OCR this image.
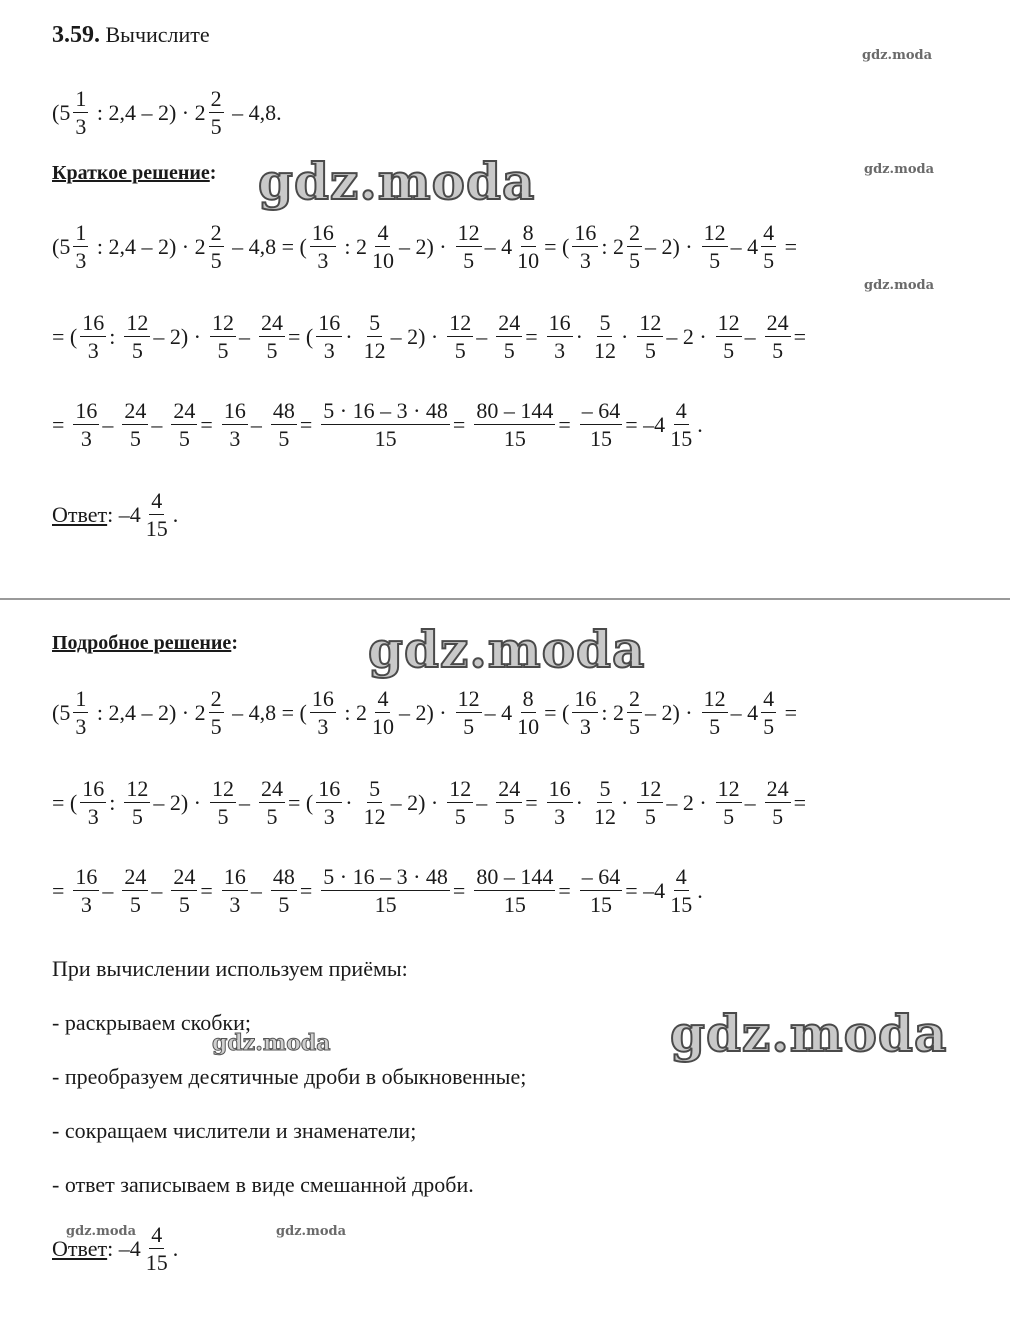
3.59. Вычислите
($5 \frac{1}{3}$ : $2,4 - 2) \cdot 2 \frac{2}{5} - 4,8$.
Краткое решение:
($5 \frac{1}{3}$ : $2,4 - 2) \cdot 2 \frac{2}{5} - 4,8$ = ( $\frac{16}{3}$ : $2 \frac{4}{10} - 2) \cdot \frac{12}{5} - 4 \frac{8}{10}$ = ( $\frac{16}{3}$ : $2 \frac{2}{5} - 2) \cdot \frac{12}{5} - 4 \frac{4}{5}$ =
= ( $\frac{16}{3}$ : $\frac{12}{5} - 2) \cdot \frac{12}{5} - \frac{24}{5}$ = ( $\frac{16}{3} \cdot \frac{5}{12} - 2) \cdot \frac{12}{5} - \frac{24}{5} = \frac{16}{3} \cdot \frac{5}{12} \cdot \frac{12}{5} - 2 \cdot \frac{12}{5} - \frac{24}{5}$ =
= $\frac{16}{3} - \frac{24}{5} - \frac{24}{5} = \frac{16}{3} - \frac{48}{5} = \frac{5 \cdot 16 - 3 \cdot 48}{15} = \frac{80 - 144}{15} = \frac{- 64}{15} = -4 \frac{4}{15}$ .
Ответ :
$-4 \frac{4}{15}$ .
Подробное решение:
($5 \frac{1}{3}$ : $2,4 - 2) \cdot 2 \frac{2}{5} - 4,8$ = ( $\frac{16}{3}$ : $2 \frac{4}{10} - 2) \cdot \frac{12}{5} - 4 \frac{8}{10}$ = ( $\frac{16}{3}$ : $2 \frac{2}{5} - 2) \cdot \frac{12}{5} - 4 \frac{4}{5}$ =
= ( $\frac{16}{3}$ : $\frac{12}{5} - 2) \cdot \frac{12}{5} - \frac{24}{5}$ = ( $\frac{16}{3} \cdot \frac{5}{12} - 2) \cdot \frac{12}{5} - \frac{24}{5} = \frac{16}{3} \cdot \frac{5}{12} \cdot \frac{12}{5} - 2 \cdot \frac{12}{5} - \frac{24}{5}$ =
= $\frac{16}{3} - \frac{24}{5} - \frac{24}{5} = \frac{16}{3} - \frac{48}{5} = \frac{5 \cdot 16 - 3 \cdot 48}{15} = \frac{80 - 144}{15} = \frac{- 64}{15} = -4 \frac{4}{15}$ .
При вычислении используем приёмы:
- раскрываем скобки;
- преобразуем десятичные дроби в обыкновенные;
- сокращаем числители и знаменатели;
- ответ записываем в виде смешанной дроби.
Ответ :
$-4 \frac{4}{15}$ .
gdz.moda
gdz.moda
gdz.moda
gdz.moda
gdz.moda
gdz.moda
gdz.moda
gdz.moda	gdz.moda
